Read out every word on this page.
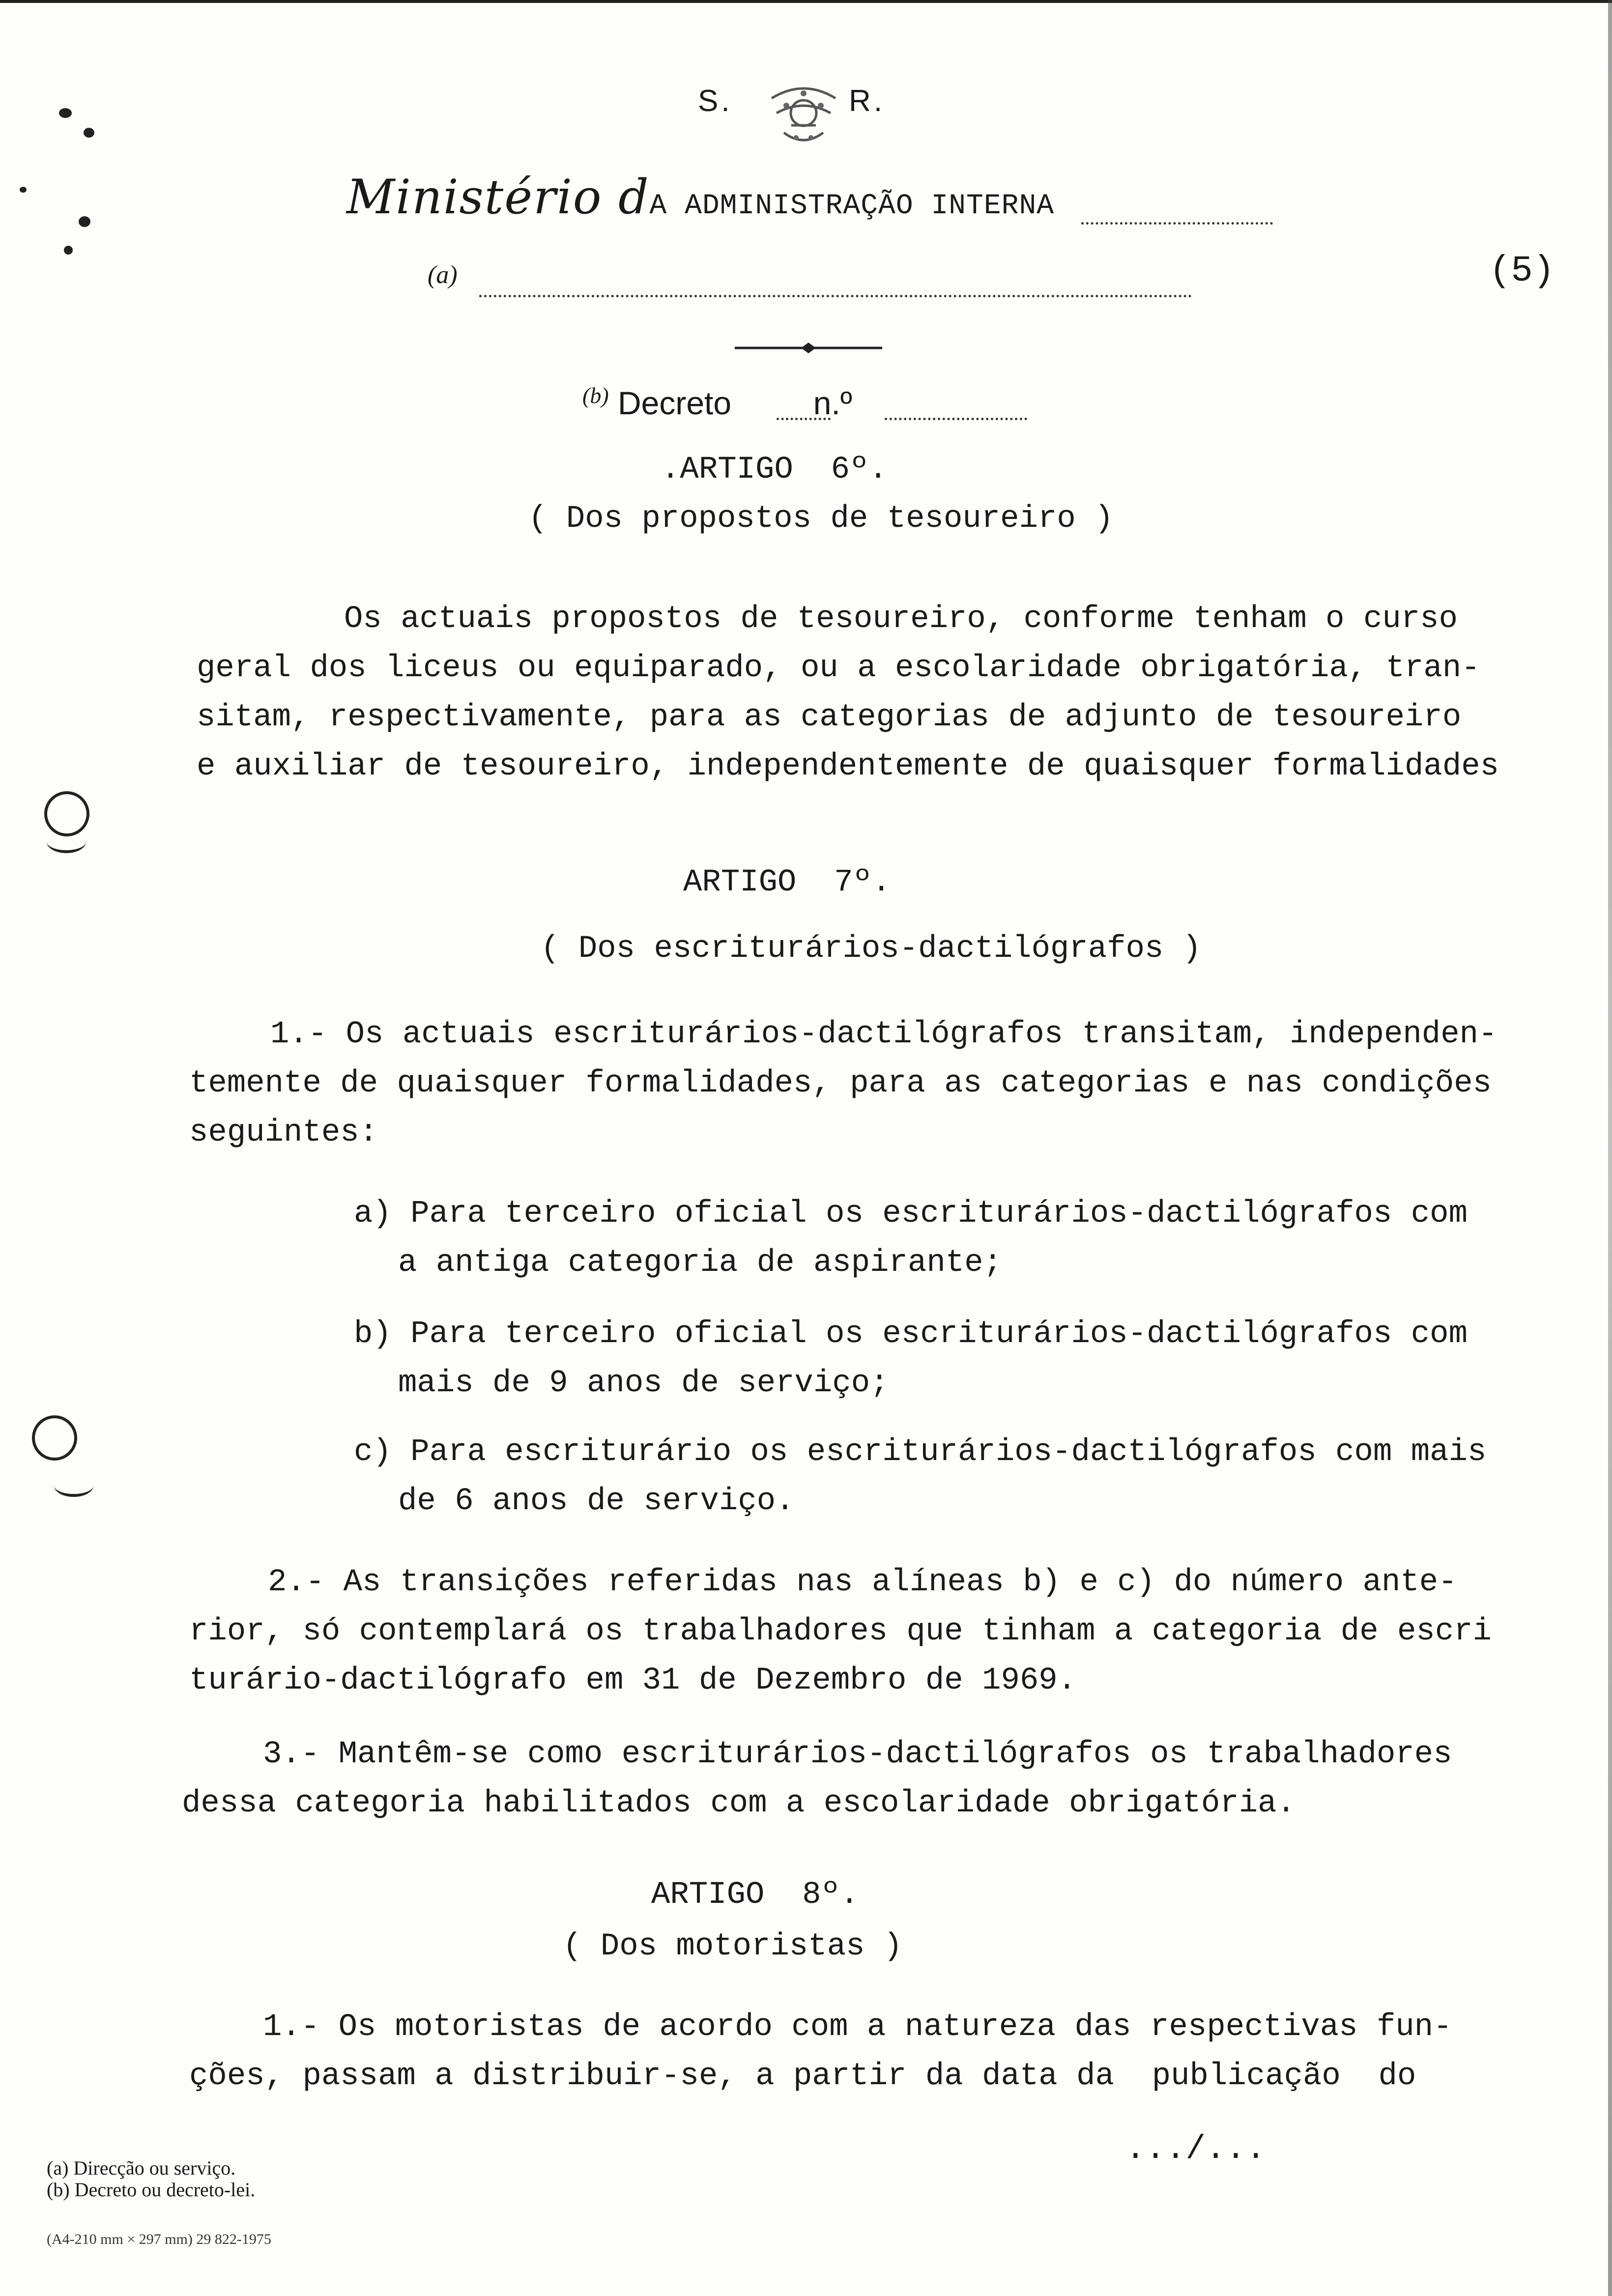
S.	R.
Ministério dA ADMINISTRAÇÃO INTERNA
(a)	(5)
$^{(b)}$ Decreto	n.º
.ARTIGO  6º.
( Dos propostos de tesoureiro )
Os actuais propostos de tesoureiro, conforme tenham o curso
geral dos liceus ou equiparado, ou a escolaridade obrigatória, tran-
sitam, respectivamente, para as categorias de adjunto de tesoureiro
e auxiliar de tesoureiro, independentemente de quaisquer formalidades
ARTIGO  7º.
( Dos escriturários-dactilógrafos )
1.- Os actuais escriturários-dactilógrafos transitam, independen-
temente de quaisquer formalidades, para as categorias e nas condições
seguintes:
a) Para terceiro oficial os escriturários-dactilógrafos com
a antiga categoria de aspirante;
b) Para terceiro oficial os escriturários-dactilógrafos com
mais de 9 anos de serviço;
c) Para escriturário os escriturários-dactilógrafos com mais
de 6 anos de serviço.
2.- As transições referidas nas alíneas b) e c) do número ante-
rior, só contemplará os trabalhadores que tinham a categoria de escri
turário-dactilógrafo em 31 de Dezembro de 1969.
3.- Mantêm-se como escriturários-dactilógrafos os trabalhadores
dessa categoria habilitados com a escolaridade obrigatória.
ARTIGO  8º.
( Dos motoristas )
1.- Os motoristas de acordo com a natureza das respectivas fun-
ções, passam a distribuir-se, a partir da data da  publicação  do
.../...
(a) Direcção ou serviço.
(b) Decreto ou decreto-lei.
(A4-210 mm × 297 mm) 29 822-1975
